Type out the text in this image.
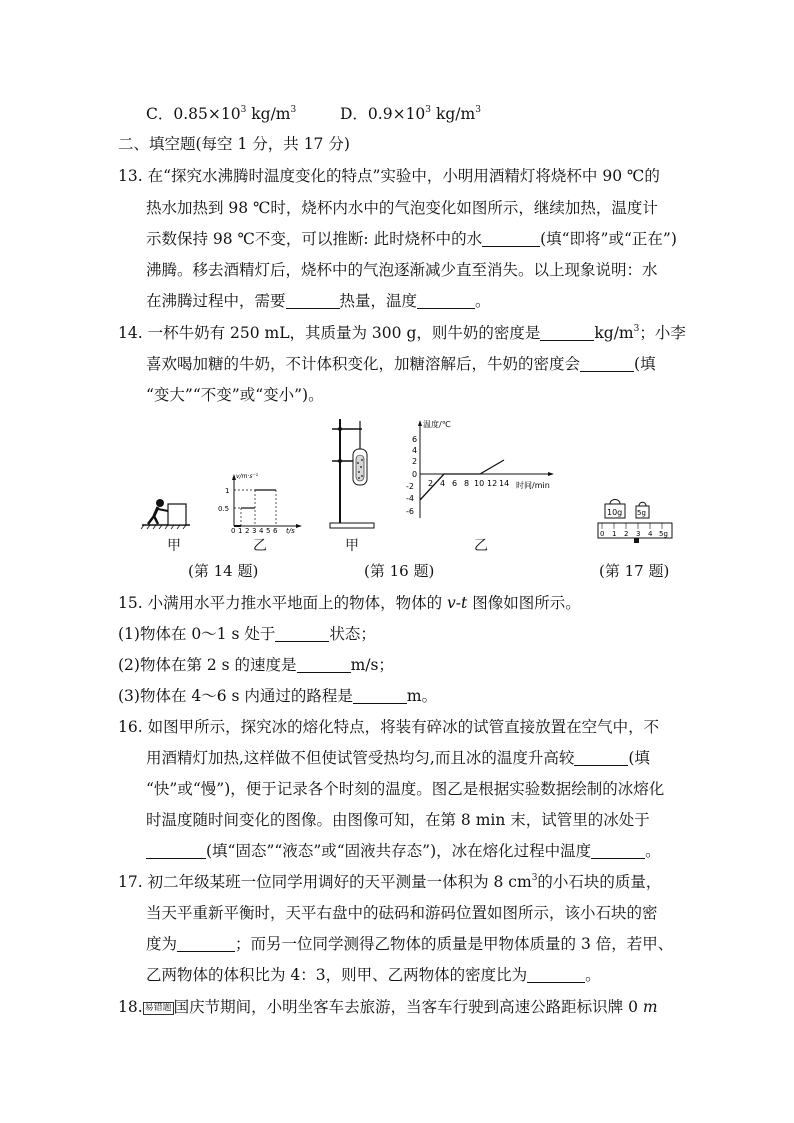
C．$0.85\times 10^3$ $kg/m^3$	D．$0.9\times 10^3$ $kg/m^3$
二、填空题(每空 1 分，共 17 分)
13. 在“探究水沸腾时温度变化的特点”实验中，小明用酒精灯将烧杯中 90 ℃的
热水加热到 98 ℃时，烧杯内水中的气泡变化如图所示，继续加热，温度计
示数保持 98 ℃不变，可以推断: 此时烧杯中的水	(填“即将”或“正在”)
沸腾。移去酒精灯后，烧杯中的气泡逐渐减少直至消失。以上现象说明：水
在沸腾过程中，需要	热量，温度	。
14. 一杯牛奶有 250 mL，其质量为 300 g，则牛奶的密度是	$kg/m^3$；小李
喜欢喝加糖的牛奶，不计体积变化，加糖溶解后，牛奶的密度会	(填
“变大”“不变”或“变小”)。
甲
v/m·s⁻¹
t/s
1
0.5
0 1 2 3 4 5 6
乙	甲
温度/℃
时间/min
6
4
2
0
-2
-4
-6
2 4 6 8 10 12 14
乙
10g 5g
0 1 2 3 4 5g
(第 14 题)	(第 16 题)	(第 17 题)
15. 小满用水平力推水平地面上的物体，物体的 v-t 图像如图所示。
(1)物体在 0～1 s 处于	状态；
(2)物体在第 2 s 的速度是	m/s；
(3)物体在 4～6 s 内通过的路程是	m。
16. 如图甲所示，探究冰的熔化特点，将装有碎冰的试管直接放置在空气中，不
用酒精灯加热,这样做不但使试管受热均匀,而且冰的温度升高较	(填
“快”或“慢”)，便于记录各个时刻的温度。图乙是根据实验数据绘制的冰熔化
时温度随时间变化的图像。由图像可知，在第 8 min 末，试管里的冰处于
(填“固态”“液态”或“固液共存态”)，冰在熔化过程中温度	。
17. 初二年级某班一位同学用调好的天平测量一体积为 8 $cm^3$的小石块的质量，
当天平重新平衡时，天平右盘中的砝码和游码位置如图所示，该小石块的密
度为	；而另一位同学测得乙物体的质量是甲物体质量的 3 倍，若甲、
乙两物体的体积比为 4：3，则甲、乙两物体的密度比为	。
18. 易错题 国庆节期间，小明坐客车去旅游，当客车行驶到高速公路距标识牌 0 m
